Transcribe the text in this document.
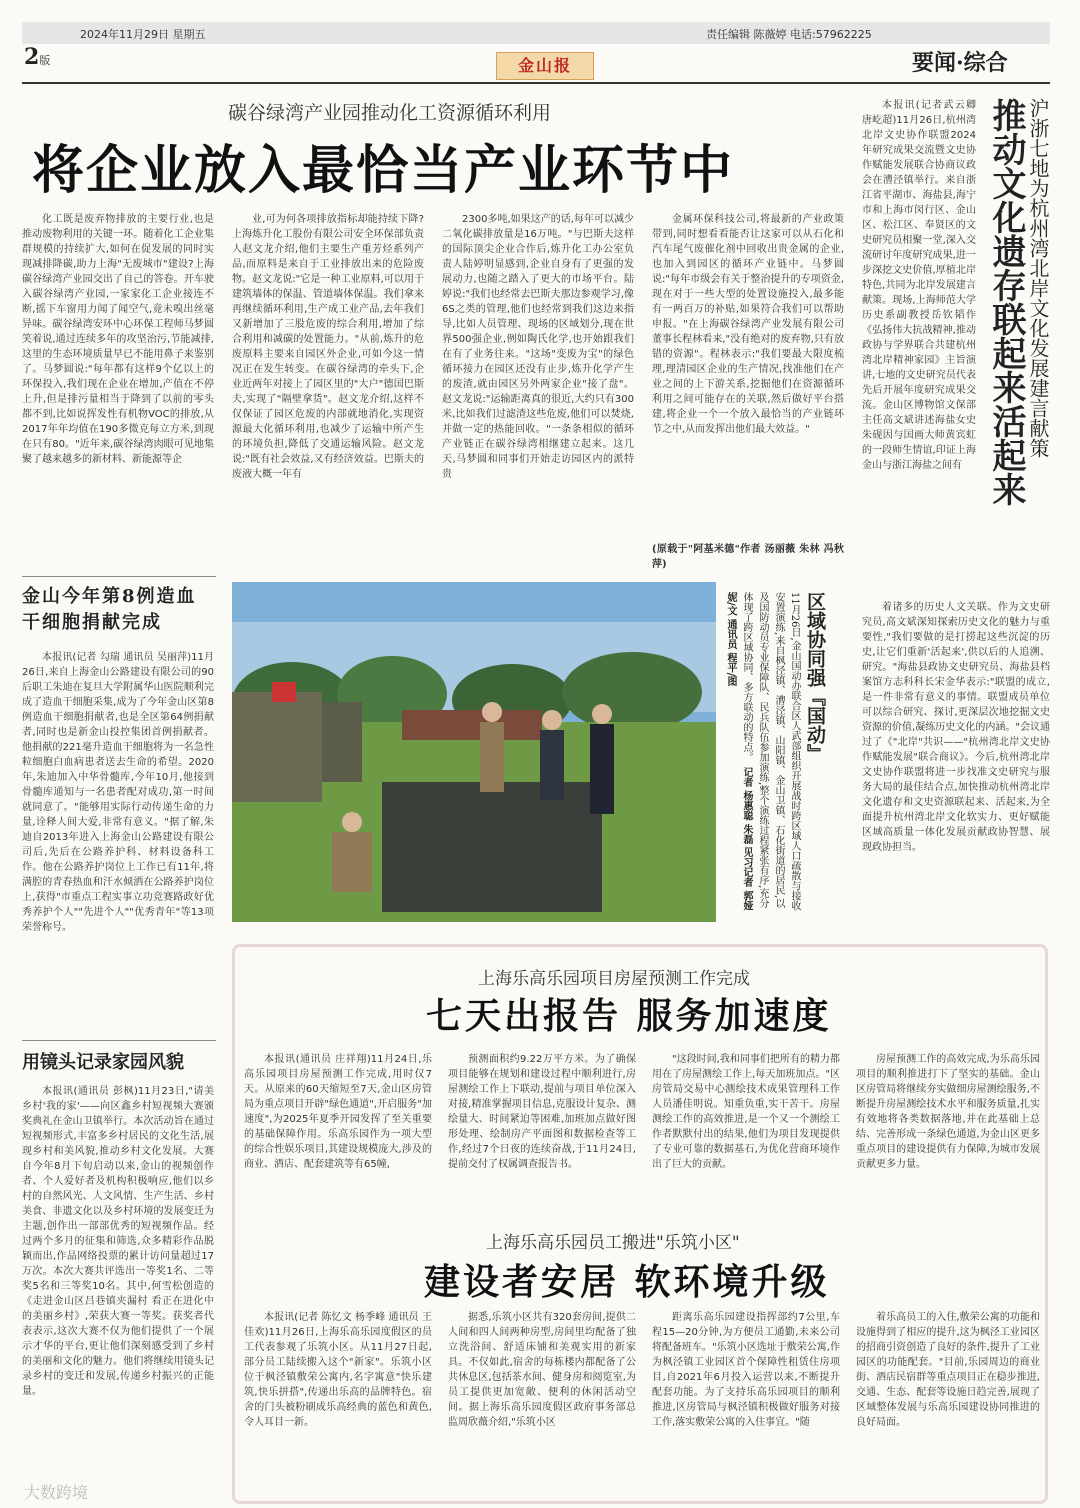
2024年11月29日 星期五	责任编辑 陈薇婷 电话:57962225
2版	金山报	要闻·综合
碳谷绿湾产业园推动化工资源循环利用
将企业放入最恰当产业环节中

化工既是废弃物排放的主要行业,也是推动废物利用的关键一环。随着化工企业集群规模的持续扩大,如何在促发展的同时实现减排降碳,助力上海"无废城市"建设?上海碳谷绿湾产业园交出了自己的答卷。开车驶入碳谷绿湾产业园,一家家化工企业接连不断,摇下车窗用力闻了闻空气,竟未嗅出丝毫异味。碳谷绿湾安环中心环保工程师马梦圆笑着说,通过连续多年的攻坚治污,节能减排,这里的生态环境质量早已不能用鼻子来鉴别了。马梦圆说:"每年都有这样9个亿以上的环保投入,我们现在企业在增加,产值在不停上升,但是排污量相当于降到了以前的零头都不到,比如说挥发性有机物VOC的排放,从2017年年均值在190多微克每立方米,到现在只有80。"近年来,碳谷绿湾肉眼可见地集聚了越来越多的新材料、新能源等企

业,可为何各项排放指标却能持续下降?上海炼升化工股份有限公司安全环保部负责人赵文龙介绍,他们主要生产重芳烃系列产品,而原料是来自于工业排放出来的危险废物。赵文龙说:"它是一种工业原料,可以用于建筑墙体的保温、管道墙体保温。我们拿来再继续循环利用,生产成工业产品,去年我们又新增加了三股危废的综合利用,增加了综合利用和减碳的处置能力。"从前,炼升的危废原料主要来自园区外企业,可如今这一情况正在发生转变。在碳谷绿湾的牵头下,企业近两年对接上了园区里的"大户"德国巴斯夫,实现了"隔壁拿货"。赵文龙介绍,这样不仅保证了园区危废的内部就地消化,实现资源最大化循环利用,也减少了运输中所产生的环境负担,降低了交通运输风险。赵文龙说:"既有社会效益,又有经济效益。巴斯夫的废液大概一年有

2300多吨,如果这产的话,每年可以减少二氧化碳排放量是16万吨。"与巴斯夫这样的国际顶尖企业合作后,炼升化工办公室负责人陆婷明显感到,企业自身有了更强的发展动力,也随之踏入了更大的市场平台。陆婷说:"我们也经常去巴斯夫那边参观学习,像6S之类的管理,他们也经常到我们这边来指导,比如人员管理、现场的区域划分,现在世界500强企业,例如陶氏化学,也开始跟我们在有了业务往来。"这场"变废为宝"的绿色循环接力在园区还没有止步,炼升化学产生的废渣,就由园区另外两家企业"接了盘"。赵文龙说:"运输距离真的很近,大约只有300米,比如我们过滤渣这些危废,他们可以焚烧,并做一定的热能回收。"一条条相似的循环产业链正在碳谷绿湾相继建立起来。这几天,马梦圆和同事们开始走访园区内的派特贵

金属环保科技公司,将最新的产业政策带到,同时想看看能否让这家可以从石化和汽车尾气废催化剂中回收出贵金属的企业,也加入到园区的循环产业链中。马梦圆说:"每年市级会有关于整治提升的专项资金,现在对于一些大型的处置设施投入,最多能有一两百万的补贴,如果符合我们可以帮助申报。"在上海碳谷绿湾产业发展有限公司董事长程林看来,"没有绝对的废弃物,只有放错的资源"。程林表示:"我们要最大限度梳理,理清园区企业的生产情况,找准他们在产业之间的上下游关系,挖掘他们在资源循环利用之间可能存在的关联,然后做好平台搭建,将企业一个一个放入最恰当的产业链环节之中,从而发挥出他们最大效益。"

(原载于"阿基米德"作者 汤丽薇 朱林 冯秋萍)
沪浙七地为杭州湾北岸文化发展建言献策
推动文化遗存联起来活起来

本报讯(记者武云卿 唐屹超)11月26日,杭州湾北岸文史协作联盟2024年研究成果交流暨文史协作赋能发展联合协商议政会在漕泾镇举行。来自浙江省平湖市、海盐县,海宁市和上海市闵行区、金山区、松江区、奉贤区的文史研究员相聚一堂,深入交流研讨年度研究成果,进一步深挖文史价值,厚植北岸特色,共同为北岸发展建言献策。现场,上海师范大学历史系副教授岳钦韬作《弘扬伟大抗战精神,推动政协与学界联合共建杭州湾北岸精神家园》主旨演讲,七地的文史研究员代表先后开展年度研究成果交流。金山区博物馆文保部主任高文斌讲述海盐女史朱砚因与国画大师黄宾虹的一段师生情谊,印证上海金山与浙江海盐之间有

着诸多的历史人文关联。作为文史研究员,高文斌深知探索历史文化的魅力与重要性,"我们要做的是打捞起这些沉淀的历史,让它们重新'活起来',供以后的人追溯、研究。"海盐县政协文史研究员、海盐县档案馆方志科科长宋金华表示:"联盟的成立,是一件非常有意义的事情。联盟成员单位可以综合研究、探讨,更深层次地挖掘文史资源的价值,凝练历史文化的内涵。"会议通过了《"北岸"共识——"杭州湾北岸文史协作赋能发展"联合商议》。今后,杭州湾北岸文史协作联盟将进一步找准文史研究与服务大局的最佳结合点,加快推动杭州湾北岸文化遗存和文史资源联起来、活起来,为全面提升杭州湾北岸文化软实力、更好赋能区域高质量一体化发展贡献政协智慧、展现政协担当。

金山今年第8例造血干细胞捐献完成

本报讯(记者 勾瑞 通讯员 吴丽萍)11月26日,来自上海金山公路建设有限公司的90后职工朱迪在复旦大学附属华山医院顺利完成了造血干细胞采集,成为了今年金山区第8例造血干细胞捐献者,也是全区第64例捐献者,同时也是新金山投控集团首例捐献者。他捐献的221毫升造血干细胞将为一名急性粒细胞白血病患者送去生命的希望。2020年,朱迪加入中华骨髓库,今年10月,他接到骨髓库通知与一名患者配对成功,第一时间就同意了。"能够用实际行动传递生命的力量,诠释人间大爱,非常有意义。"据了解,朱迪自2013年进入上海金山公路建设有限公司后,先后在公路养护科、材料设备科工作。他在公路养护岗位上工作已有11年,将满腔的青春热血和汗水倾洒在公路养护岗位上,获得"市重点工程实事立功竞赛路政好优秀养护个人""先进个人""优秀青年"等13项荣誉称号。

用镜头记录家园风貌

本报讯(通讯员 彭枫)11月23日,"请美乡村'我的家'——向区鑫乡村短视频大赛颁奖典礼在金山卫镇举行。本次活动旨在通过短视频形式,丰富多乡村居民的文化生活,展现乡村和美风貌,推动乡村文化发展。大赛自今年8月下旬启动以来,金山的视频创作者、个人爱好者及机构积极响应,他们以乡村的自然风光、人文风情、生产生活、乡村美食、非遗文化以及乡村环境的发展变迁为主题,创作出一部部优秀的短视频作品。经过两个多月的征集和筛选,众多精彩作品脱颖而出,作品网络投票的累计访问量超过17万次。本次大赛共评选出一等奖1名、二等奖5名和三等奖10名。其中,何雪松创造的《走进金山区吕巷镇夹漏村 看正在进化中的美丽乡村》,荣获大赛一等奖。获奖者代表表示,这次大赛不仅为他们提供了一个展示才华的平台,更让他们深刻感受到了乡村的美丽和文化的魅力。他们将继续用镜头记录乡村的变迁和发展,传递乡村振兴的正能量。

区域协同强『国动』
11月26日,金山国动办联合区人武部组织开展战时跨区域人口疏散与接收安置演练,来自枫泾镇、漕泾镇、山阳镇、金山卫镇、石化街道的居民,以及国防动员专业保障队、民兵队伍参加演练,整个演练过程紧张有序,充分体现了跨区域协同、多方联动的特点。　记者 杨惠聪 朱磊 见习记者 郭娅妮/文 通讯员 程平/图
上海乐高乐园项目房屋预测工作完成
七天出报告 服务加速度

本报讯(通讯员 庄祥翔)11月24日,乐高乐园项目房屋预测工作完成,用时仅7天。从原来的60天缩短至7天,金山区房管局为重点项目开辟"绿色通道",开启服务"加速度",为2025年夏季开园发挥了至关重要的基础保障作用。乐高乐园作为一项大型的综合性娱乐项目,其建设规模庞大,涉及的商业、酒店、配套建筑等有65幢,

预测面积约9.22万平方米。为了确保项目能够在规划和建设过程中顺利进行,房屋测绘工作上下联动,提前与项目单位深入对接,精准掌握项目信息,克服设计复杂、测绘量大、时间紧迫等困难,加班加点做好图形处理、绘制房产平面图和数据检查等工作,经过7个日夜的连续奋战,于11月24日,提前交付了权属调查报告书。

"这段时间,我和同事们把所有的精力都用在了房屋测绘工作上,每天加班加点。"区房管局交易中心测绘技术成果管理科工作人员潘佳明说。知重负重,实干苦干。房屋测绘工作的高效推进,是一个又一个测绘工作者默默付出的结果,他们为项目发现提供了专业可靠的数据基石,为优化营商环境作出了巨大的贡献。

房屋预测工作的高效完成,为乐高乐园项目的顺利推进打下了坚实的基础。金山区房管局将继续夯实做细房屋测绘服务,不断提升房屋测绘技术水平和服务质量,扎实有效地将各类数据落地,并在此基础上总结、完善形成一条绿色通道,为金山区更多重点项目的建设提供有力保障,为城市发展贡献更多力量。

上海乐高乐园员工搬进"乐筑小区"
建设者安居 软环境升级

本报讯(记者 陈忆文 杨季峰 通讯员 王佳欢)11月26日,上海乐高乐园度假区的员工代表参观了乐筑小区。从11月27日起,部分员工陆续搬入这个"新家"。乐筑小区位于枫泾镇敷荣公寓内,名字寓意"快乐建筑,快乐拼搭",传递出乐高的品牌特色。宿舍的门头被粉刷成乐高经典的蓝色和黄色,令人耳目一新。

据悉,乐筑小区共有320套房间,提供二人间和四人间两种房型,房间里均配备了独立洗浴间、舒适床铺和美观实用的新家具。不仅如此,宿舍的每栋楼内都配备了公共休息区,包括茶水间、健身房和阅览室,为员工提供更加宽敞、便利的休闲活动空间。据上海乐高乐园度假区政府事务部总监周欣薇介绍,"乐筑小区

距离乐高乐园建设指挥部约7公里,车程15—20分钟,为方便员工通勤,未来公司将配备班车。"乐筑小区选址于敷荣公寓,作为枫泾镇工业园区首个保障性租赁住房项目,自2021年6月投入运营以来,不断提升配套功能。为了支持乐高乐园项目的顺利推进,区房管局与枫泾镇积极做好服务对接工作,落实敷荣公寓的入住事宜。"随

着乐高员工的入住,敷荣公寓的功能和设施得到了相应的提升,这为枫泾工业园区的招商引资创造了良好的条件,提升了工业园区的功能配套。"目前,乐园周边的商业街、酒店民宿群等重点项目正在稳步推进,交通、生态、配套等设施日趋完善,展现了区域整体发展与乐高乐园建设协同推进的良好局面。

大数跨境
